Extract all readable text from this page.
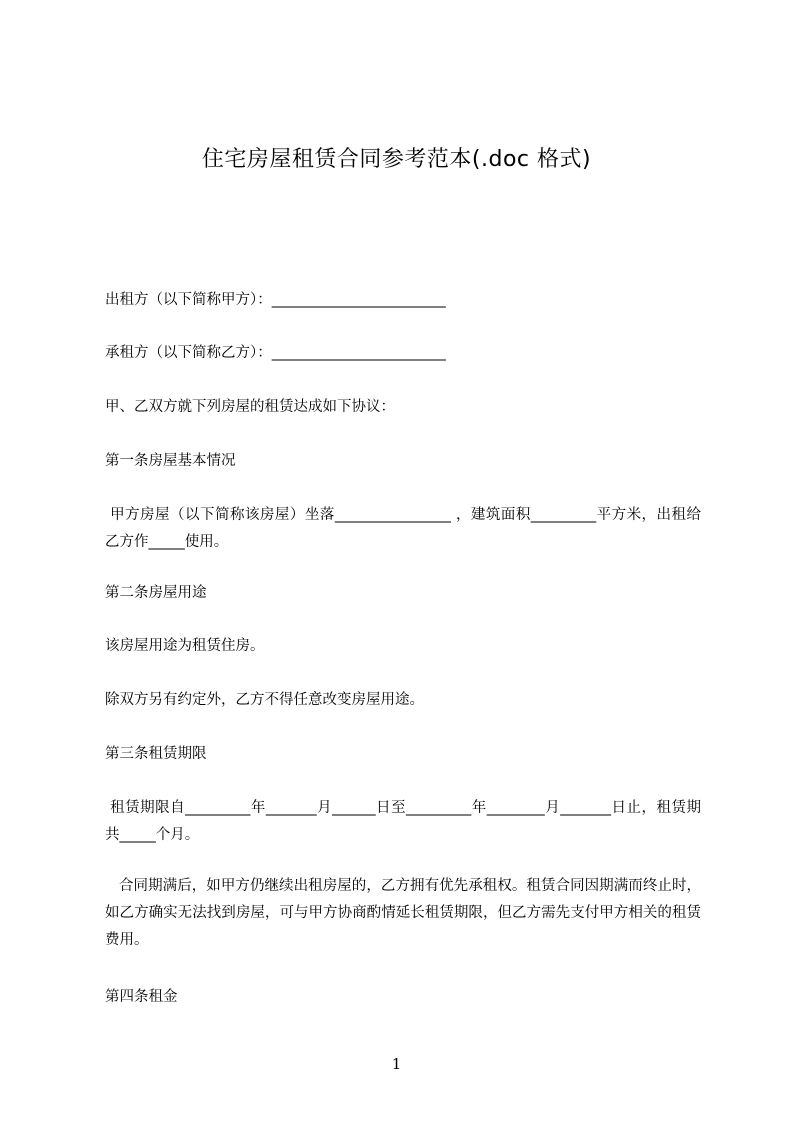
住宅房屋租赁合同参考范本(.doc 格式)

出租方（以下简称甲方）：________________________

承租方（以下简称乙方）：________________________

甲、乙双方就下列房屋的租赁达成如下协议：

第一条房屋基本情况

甲方房屋（以下简称该房屋）坐落________________ ，建筑面积_________平方米，出租给乙方作_____使用。

第二条房屋用途

该房屋用途为租赁住房。

除双方另有约定外，乙方不得任意改变房屋用途。

第三条租赁期限

租赁期限自_________年_______月______日至_________年________月_______日止，租赁期共_____个月。

合同期满后，如甲方仍继续出租房屋的，乙方拥有优先承租权。租赁合同因期满而终止时，如乙方确实无法找到房屋，可与甲方协商酌情延长租赁期限，但乙方需先支付甲方相关的租赁费用。

第四条租金

1
